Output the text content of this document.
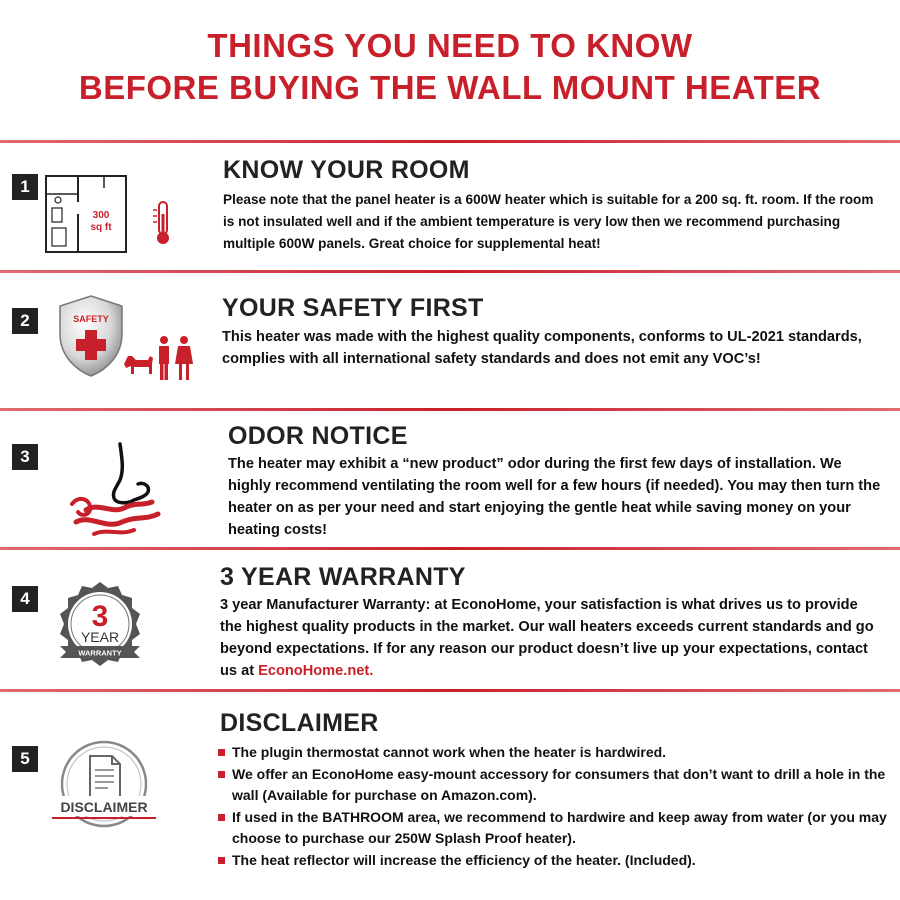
THINGS YOU NEED TO KNOW
BEFORE BUYING THE WALL MOUNT HEATER
1
300
sq ft
KNOW YOUR ROOM
Please note that the panel heater is a 600W heater which is suitable for a 200 sq. ft. room. If the room is not insulated well and if the ambient temperature is very low then we recommend purchasing multiple 600W panels. Great choice for supplemental heat!
2	SAFETY	YOUR SAFETY FIRST
This heater was made with the highest quality components, conforms to UL-2021 standards, complies with all international safety standards and does not emit any VOC’s!
3
ODOR NOTICE
The heater may exhibit a “new product” odor during the first few days of installation. We highly recommend ventilating the room well for a few hours (if needed). You may then turn the heater on as per your need and start enjoying the gentle heat while saving money on your heating costs!
4
3
YEAR
WARRANTY
3 YEAR WARRANTY
3 year Manufacturer Warranty: at EconoHome, your satisfaction is what drives us to provide the highest quality products in the market. Our wall heaters exceeds current standards and go beyond expectations. If for any reason our product doesn’t live up your expectations, contact us at EconoHome.net.
5
DISCLAIMER
DISCLAIMER
The plugin thermostat cannot work when the heater is hardwired.
We offer an EconoHome easy-mount accessory for consumers that don’t want to drill a hole in the wall (Available for purchase on Amazon.com).
If used in the BATHROOM area, we recommend to hardwire and keep away from water (or you may choose to purchase our 250W Splash Proof heater).
The heat reflector will increase the efficiency of the heater. (Included).
